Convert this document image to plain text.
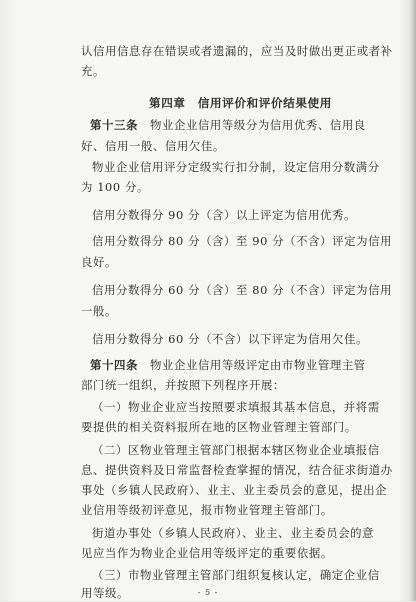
认信用信息存在错误或者遗漏的，应当及时做出更正或者补
充。
第四章　信用评价和评价结果使用
第十三条　 物业企业信用等级分为信用优秀、信用良
好、信用一般、信用欠佳。
物业企业信用评分定级实行扣分制，设定信用分数满分
为 100 分。
信用分数得分 90 分（含）以上评定为信用优秀。
信用分数得分 80 分（含）至 90 分（不含）评定为信用
良好。
信用分数得分 60 分（含）至 80 分（不含）评定为信用
一般。
信用分数得分 60 分（不含）以下评定为信用欠佳。
第十四条　 物业企业信用等级评定由市物业管理主管
部门统一组织，并按照下列程序开展：
（一）物业企业应当按照要求填报其基本信息，并将需
要提供的相关资料报所在地的区物业管理主管部门。
（二）区物业管理主管部门根据本辖区物业企业填报信
息、提供资料及日常监督检查掌握的情况，结合征求街道办
事处（乡镇人民政府）、业主、业主委员会的意见，提出企
业信用等级初评意见，报市物业管理主管部门。
街道办事处（乡镇人民政府）、业主、业主委员会的意
见应当作为物业企业信用等级评定的重要依据。
（三）市物业管理主管部门组织复核认定，确定企业信
用等级。	- 5 -
